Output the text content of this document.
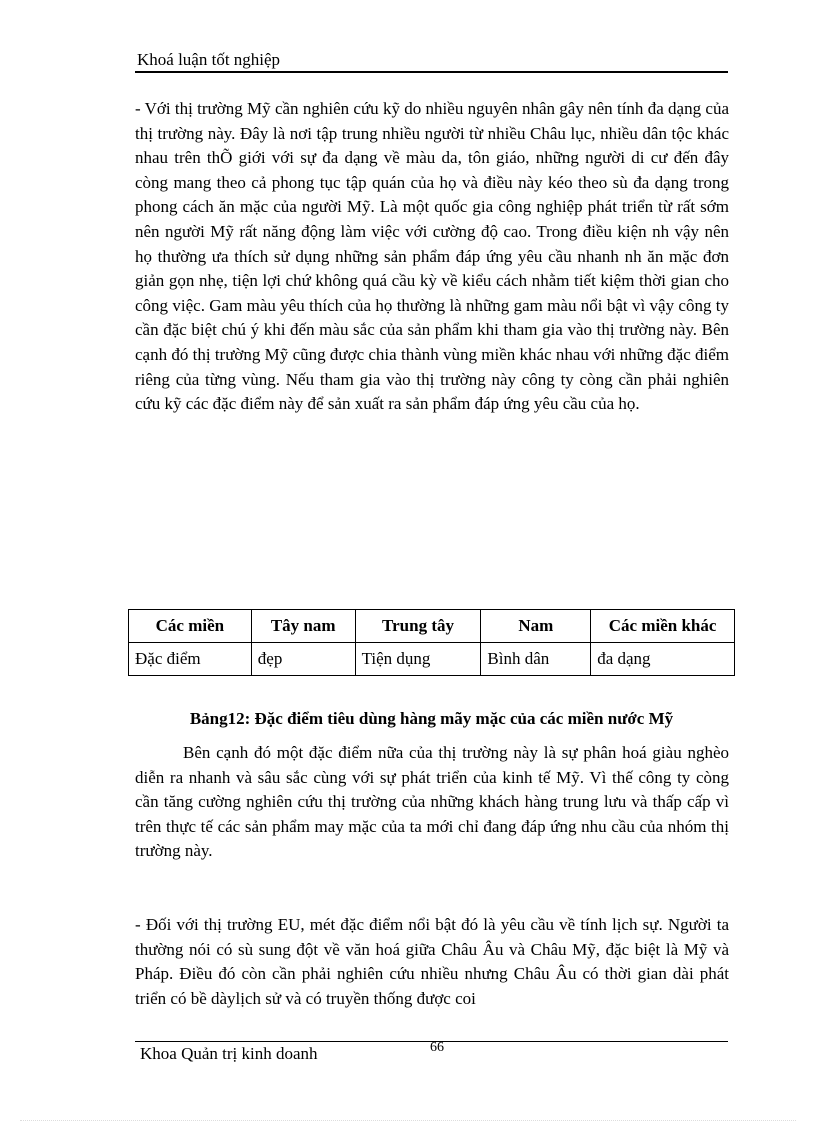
Khoá luận tốt nghiệp

- Với thị trường Mỹ cần nghiên cứu kỹ do nhiều nguyên nhân gây nên tính đa dạng của thị trường này. Đây là nơi tập trung nhiều người từ nhiều Châu lục, nhiều dân tộc khác nhau trên thÕ giới với sự đa dạng về màu da, tôn giáo, những người di cư đến đây còng mang theo cả phong tục tập quán của họ và điều này kéo theo sù đa dạng trong phong cách ăn mặc của người Mỹ. Là một quốc gia công nghiệp phát triển từ rất sớm nên người Mỹ rất năng động làm việc với cường độ cao. Trong điều kiện nh vậy nên họ thường ưa thích sử dụng những sản phẩm đáp ứng yêu cầu nhanh nh ăn mặc đơn giản gọn nhẹ, tiện lợi chứ không quá cầu kỳ về kiểu cách nhằm tiết kiệm thời gian cho công việc. Gam màu yêu thích của họ thường là những gam màu nổi bật vì vậy công ty cần đặc biệt chú ý khi đến màu sắc của sản phẩm khi tham gia vào thị trường này. Bên cạnh đó thị trường Mỹ cũng được chia thành vùng miền khác nhau với những đặc điểm riêng của từng vùng. Nếu tham gia vào thị trường này công ty còng cần phải nghiên cứu kỹ các đặc điểm này để sản xuất ra sản phẩm đáp ứng yêu cầu của họ.

Các miền	Tây nam	Trung tây	Nam	Các miền khác
Đặc điểm	đẹp	Tiện dụng	Bình dân	đa dạng
Bảng12: Đặc điểm tiêu dùng hàng mãy mặc của các miền nước Mỹ

Bên cạnh đó một đặc điểm nữa của thị trường này là sự phân hoá giàu nghèo diễn ra nhanh và sâu sắc cùng với sự phát triển của kinh tế Mỹ. Vì thế công ty còng cần tăng cường nghiên cứu thị trường của những khách hàng trung lưu và thấp cấp vì trên thực tế các sản phẩm may mặc của ta mới chỉ đang đáp ứng nhu cầu của nhóm thị trường này.

- Đối với thị trường EU, mét đặc điểm nổi bật đó là yêu cầu về tính lịch sự. Người ta thường nói có sù sung đột về văn hoá giữa Châu Âu và Châu Mỹ, đặc biệt là Mỹ và Pháp. Điều đó còn cần phải nghiên cứu nhiều nhưng Châu Âu có thời gian dài phát triển có bề dàylịch sử và có truyền thống được coi

Khoa Quản trị kinh doanh	66
